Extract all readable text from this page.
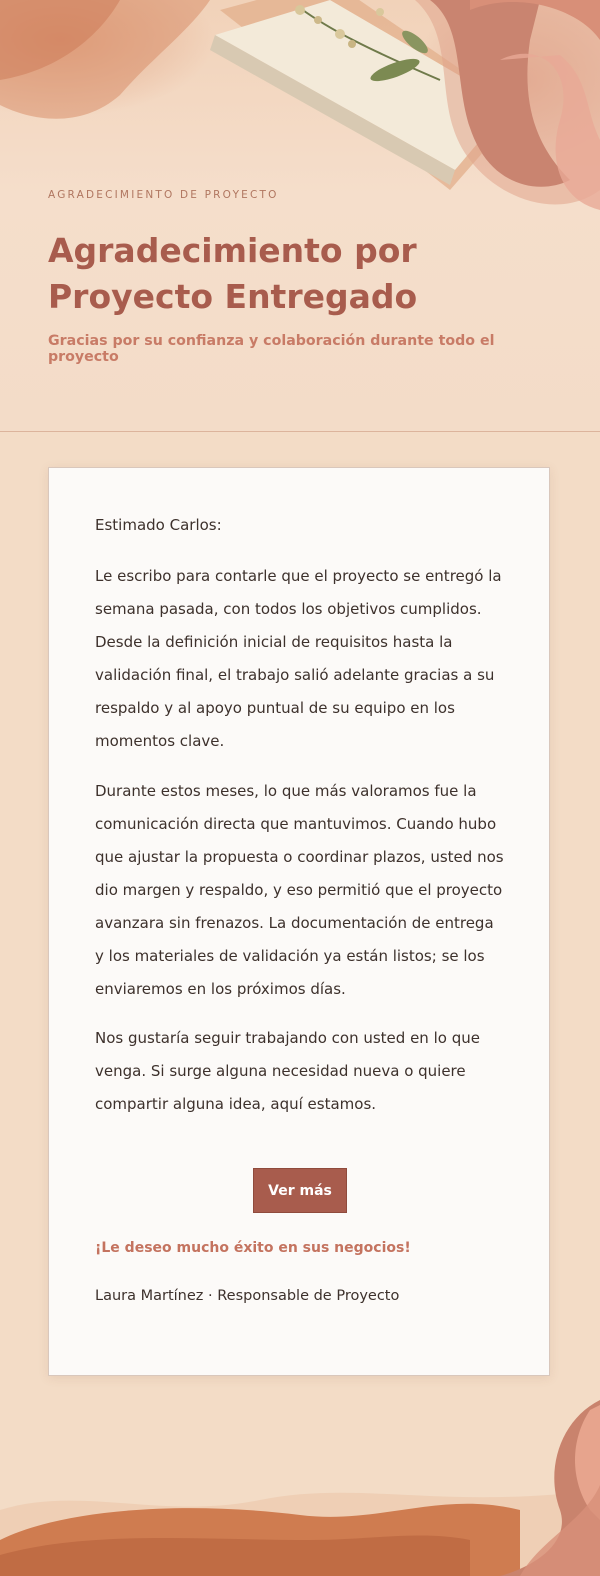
AGRADECIMIENTO DE PROYECTO

Agradecimiento por Proyecto Entregado

Gracias por su confianza y colaboración durante todo el proyecto

Estimado Carlos:

Le escribo para contarle que el proyecto se entregó la semana pasada, con todos los objetivos cumplidos. Desde la definición inicial de requisitos hasta la validación final, el trabajo salió adelante gracias a su respaldo y al apoyo puntual de su equipo en los momentos clave.

Durante estos meses, lo que más valoramos fue la comunicación directa que mantuvimos. Cuando hubo que ajustar la propuesta o coordinar plazos, usted nos dio margen y respaldo, y eso permitió que el proyecto avanzara sin frenazos. La documentación de entrega y los materiales de validación ya están listos; se los enviaremos en los próximos días.

Nos gustaría seguir trabajando con usted en lo que venga. Si surge alguna necesidad nueva o quiere compartir alguna idea, aquí estamos.

Ver más

¡Le deseo mucho éxito en sus negocios!

Laura Martínez · Responsable de Proyecto
